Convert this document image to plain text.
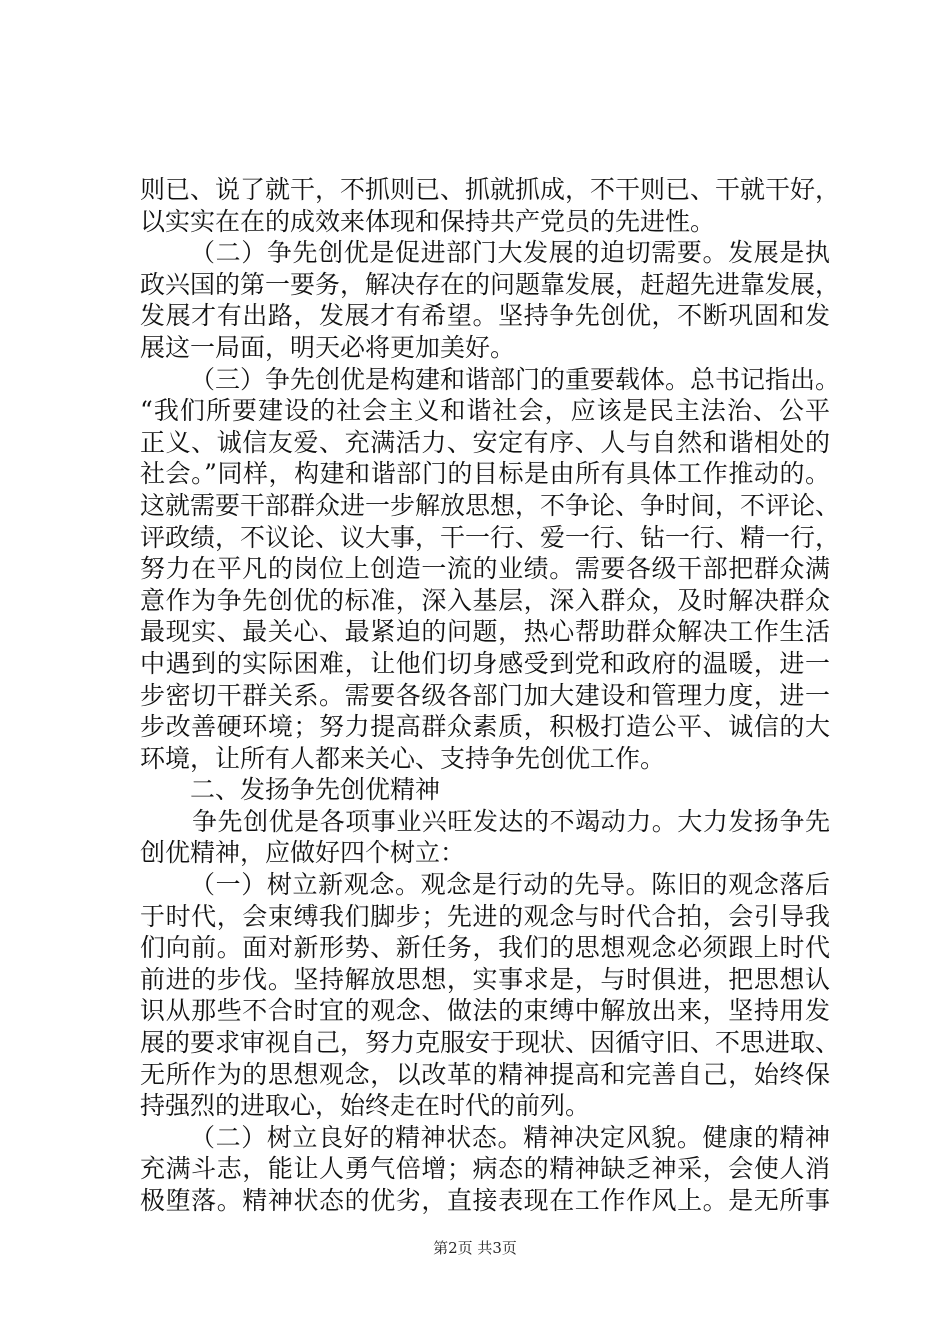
则已、说了就干，不抓则已、抓就抓成，不干则已、干就干好，
以实实在在的成效来体现和保持共产党员的先进性。
（二）争先创优是促进部门大发展的迫切需要。发展是执
政兴国的第一要务，解决存在的问题靠发展，赶超先进靠发展，
发展才有出路，发展才有希望。坚持争先创优，不断巩固和发
展这一局面，明天必将更加美好。
（三）争先创优是构建和谐部门的重要载体。总书记指出。
“我们所要建设的社会主义和谐社会，应该是民主法治、公平
正义、诚信友爱、充满活力、安定有序、人与自然和谐相处的
社会。”同样，构建和谐部门的目标是由所有具体工作推动的。
这就需要干部群众进一步解放思想，不争论、争时间，不评论、
评政绩，不议论、议大事，干一行、爱一行、钻一行、精一行，
努力在平凡的岗位上创造一流的业绩。需要各级干部把群众满
意作为争先创优的标准，深入基层，深入群众，及时解决群众
最现实、最关心、最紧迫的问题，热心帮助群众解决工作生活
中遇到的实际困难，让他们切身感受到党和政府的温暖，进一
步密切干群关系。需要各级各部门加大建设和管理力度，进一
步改善硬环境；努力提高群众素质，积极打造公平、诚信的大
环境，让所有人都来关心、支持争先创优工作。
二、发扬争先创优精神
争先创优是各项事业兴旺发达的不竭动力。大力发扬争先
创优精神，应做好四个树立：
（一）树立新观念。观念是行动的先导。陈旧的观念落后
于时代，会束缚我们脚步；先进的观念与时代合拍，会引导我
们向前。面对新形势、新任务，我们的思想观念必须跟上时代
前进的步伐。坚持解放思想，实事求是，与时俱进，把思想认
识从那些不合时宜的观念、做法的束缚中解放出来，坚持用发
展的要求审视自己，努力克服安于现状、因循守旧、不思进取、
无所作为的思想观念，以改革的精神提高和完善自己，始终保
持强烈的进取心，始终走在时代的前列。
（二）树立良好的精神状态。精神决定风貌。健康的精神
充满斗志，能让人勇气倍增；病态的精神缺乏神采，会使人消
极堕落。精神状态的优劣，直接表现在工作作风上。是无所事
第2页 共3页
